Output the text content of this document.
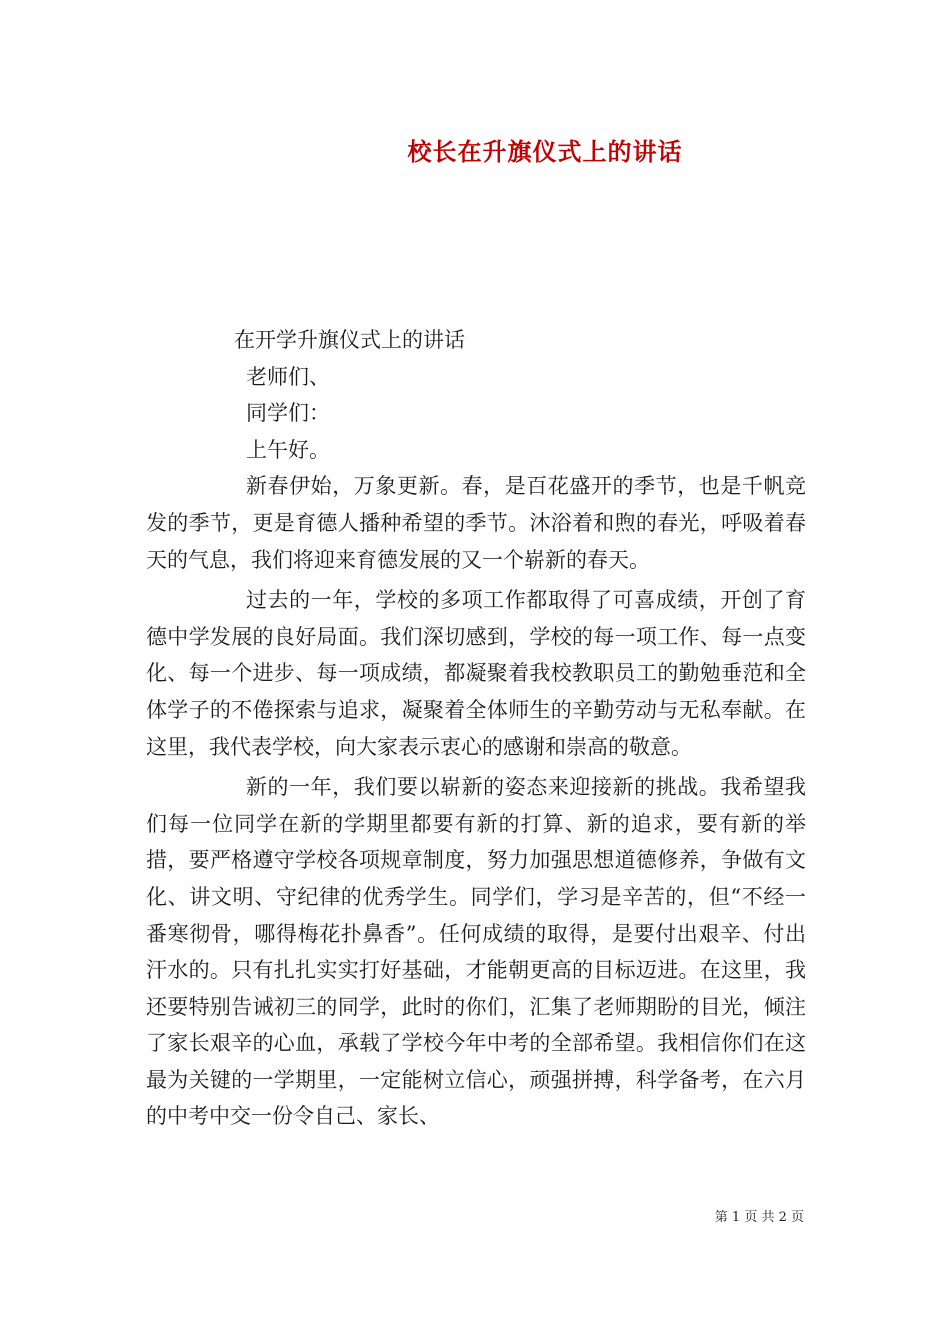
校长在升旗仪式上的讲话
在开学升旗仪式上的讲话
老师们、
同学们：
上午好。

新春伊始，万象更新。春，是百花盛开的季节，也是千帆竞发的季节，更是育德人播种希望的季节。沐浴着和煦的春光，呼吸着春天的气息，我们将迎来育德发展的又一个崭新的春天。

过去的一年，学校的多项工作都取得了可喜成绩，开创了育德中学发展的良好局面。我们深切感到，学校的每一项工作、每一点变化、每一个进步、每一项成绩，都凝聚着我校教职员工的勤勉垂范和全体学子的不倦探索与追求，凝聚着全体师生的辛勤劳动与无私奉献。在这里，我代表学校，向大家表示衷心的感谢和崇高的敬意。

新的一年，我们要以崭新的姿态来迎接新的挑战。我希望我们每一位同学在新的学期里都要有新的打算、新的追求，要有新的举措，要严格遵守学校各项规章制度，努力加强思想道德修养，争做有文化、讲文明、守纪律的优秀学生。同学们，学习是辛苦的，但“不经一番寒彻骨，哪得梅花扑鼻香”。任何成绩的取得，是要付出艰辛、付出汗水的。只有扎扎实实打好基础，才能朝更高的目标迈进。在这里，我还要特别告诫初三的同学，此时的你们，汇集了老师期盼的目光，倾注了家长艰辛的心血，承载了学校今年中考的全部希望。我相信你们在这最为关键的一学期里，一定能树立信心，顽强拼搏，科学备考，在六月的中考中交一份令自己、家长、

第 1 页 共 2 页
